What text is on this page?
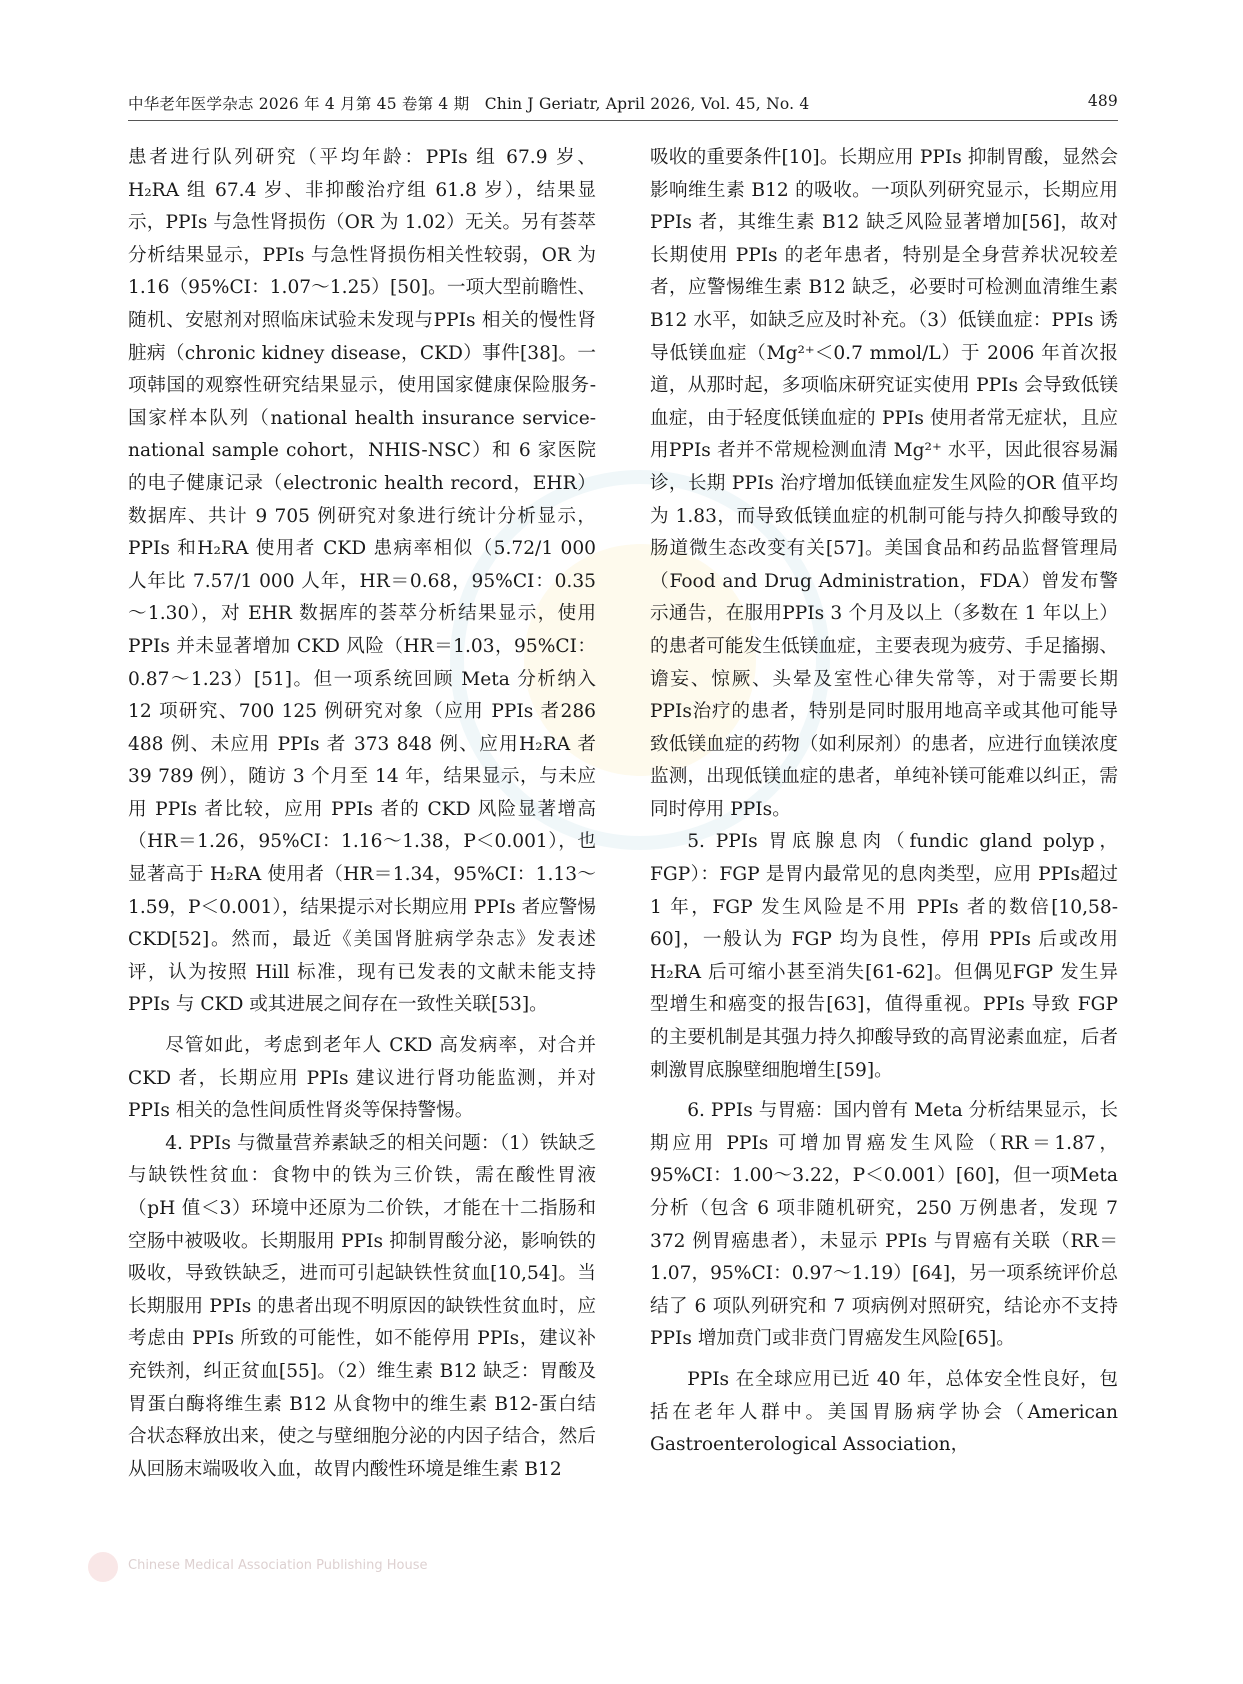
中华老年医学杂志 2026 年 4 月第 45 卷第 4 期 Chin J Geriatr, April 2026, Vol. 45, No. 4	489

患者进行队列研究（平均年龄：PPIs 组 67.9 岁、H₂RA 组 67.4 岁、非抑酸治疗组 61.8 岁），结果显示，PPIs 与急性肾损伤（OR 为 1.02）无关。另有荟萃分析结果显示，PPIs 与急性肾损伤相关性较弱，OR 为 1.16（95%CI：1.07～1.25）[50]。一项大型前瞻性、随机、安慰剂对照临床试验未发现与PPIs 相关的慢性肾脏病（chronic kidney disease，CKD）事件[38]。一项韩国的观察性研究结果显示，使用国家健康保险服务-国家样本队列（national health insurance service-national sample cohort，NHIS-NSC）和 6 家医院的电子健康记录（electronic health record，EHR）数据库、共计 9 705 例研究对象进行统计分析显示，PPIs 和H₂RA 使用者 CKD 患病率相似（5.72/1 000 人年比 7.57/1 000 人年，HR＝0.68，95%CI：0.35～1.30），对 EHR 数据库的荟萃分析结果显示，使用PPIs 并未显著增加 CKD 风险（HR＝1.03，95%CI：0.87～1.23）[51]。但一项系统回顾 Meta 分析纳入 12 项研究、700 125 例研究对象（应用 PPIs 者286 488 例、未应用 PPIs 者 373 848 例、应用H₂RA 者 39 789 例），随访 3 个月至 14 年，结果显示，与未应用 PPIs 者比较，应用 PPIs 者的 CKD 风险显著增高（HR＝1.26，95%CI：1.16～1.38，P＜0.001），也显著高于 H₂RA 使用者（HR＝1.34，95%CI：1.13～1.59，P＜0.001），结果提示对长期应用 PPIs 者应警惕 CKD[52]。然而，最近《美国肾脏病学杂志》发表述评，认为按照 Hill 标准，现有已发表的文献未能支持 PPIs 与 CKD 或其进展之间存在一致性关联[53]。

尽管如此，考虑到老年人 CKD 高发病率，对合并 CKD 者，长期应用 PPIs 建议进行肾功能监测，并对 PPIs 相关的急性间质性肾炎等保持警惕。

4. PPIs 与微量营养素缺乏的相关问题：（1）铁缺乏与缺铁性贫血：食物中的铁为三价铁，需在酸性胃液（pH 值＜3）环境中还原为二价铁，才能在十二指肠和空肠中被吸收。长期服用 PPIs 抑制胃酸分泌，影响铁的吸收，导致铁缺乏，进而可引起缺铁性贫血[10,54]。当长期服用 PPIs 的患者出现不明原因的缺铁性贫血时，应考虑由 PPIs 所致的可能性，如不能停用 PPIs，建议补充铁剂，纠正贫血[55]。（2）维生素 B12 缺乏：胃酸及胃蛋白酶将维生素 B12 从食物中的维生素 B12-蛋白结合状态释放出来，使之与壁细胞分泌的内因子结合，然后从回肠末端吸收入血，故胃内酸性环境是维生素 B12

吸收的重要条件[10]。长期应用 PPIs 抑制胃酸，显然会影响维生素 B12 的吸收。一项队列研究显示，长期应用 PPIs 者，其维生素 B12 缺乏风险显著增加[56]，故对长期使用 PPIs 的老年患者，特别是全身营养状况较差者，应警惕维生素 B12 缺乏，必要时可检测血清维生素 B12 水平，如缺乏应及时补充。（3）低镁血症：PPIs 诱导低镁血症（Mg²⁺＜0.7 mmol/L）于 2006 年首次报道，从那时起，多项临床研究证实使用 PPIs 会导致低镁血症，由于轻度低镁血症的 PPIs 使用者常无症状，且应用PPIs 者并不常规检测血清 Mg²⁺ 水平，因此很容易漏诊，长期 PPIs 治疗增加低镁血症发生风险的OR 值平均为 1.83，而导致低镁血症的机制可能与持久抑酸导致的肠道微生态改变有关[57]。美国食品和药品监督管理局（Food and Drug Administration，FDA）曾发布警示通告，在服用PPIs 3 个月及以上（多数在 1 年以上）的患者可能发生低镁血症，主要表现为疲劳、手足搐搦、谵妄、惊厥、头晕及室性心律失常等，对于需要长期 PPIs治疗的患者，特别是同时服用地高辛或其他可能导致低镁血症的药物（如利尿剂）的患者，应进行血镁浓度监测，出现低镁血症的患者，单纯补镁可能难以纠正，需同时停用 PPIs。

5. PPIs 胃底腺息肉（fundic gland polyp，FGP）：FGP 是胃内最常见的息肉类型，应用 PPIs超过 1 年，FGP 发生风险是不用 PPIs 者的数倍[10,58-60]，一般认为 FGP 均为良性，停用 PPIs 后或改用 H₂RA 后可缩小甚至消失[61-62]。但偶见FGP 发生异型增生和癌变的报告[63]，值得重视。PPIs 导致 FGP 的主要机制是其强力持久抑酸导致的高胃泌素血症，后者刺激胃底腺壁细胞增生[59]。

6. PPIs 与胃癌：国内曾有 Meta 分析结果显示，长期应用 PPIs 可增加胃癌发生风险（RR＝1.87，95%CI：1.00～3.22，P＜0.001）[60]，但一项Meta 分析（包含 6 项非随机研究，250 万例患者，发现 7 372 例胃癌患者），未显示 PPIs 与胃癌有关联（RR＝1.07，95%CI：0.97～1.19）[64]，另一项系统评价总结了 6 项队列研究和 7 项病例对照研究，结论亦不支持 PPIs 增加贲门或非贲门胃癌发生风险[65]。

PPIs 在全球应用已近 40 年，总体安全性良好，包括在老年人群中。美国胃肠病学协会（American Gastroenterological Association，

Chinese Medical Association Publishing House
